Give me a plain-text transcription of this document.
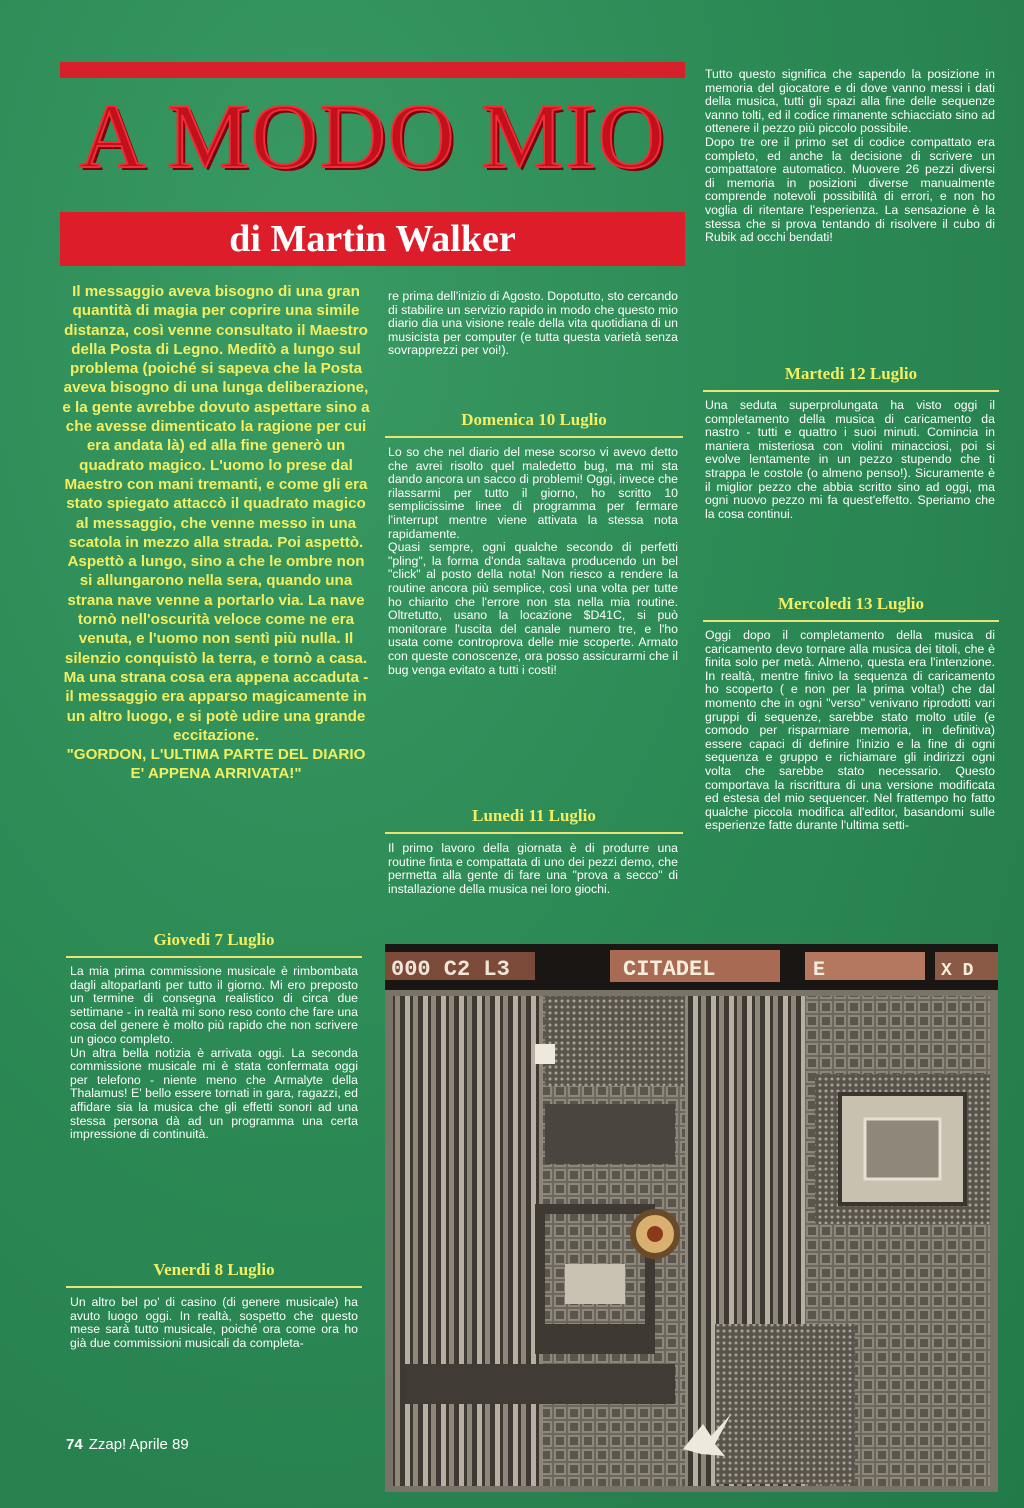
A MODO MIO
di Martin Walker
Il messaggio aveva bisogno di una gran quantità di magia per coprire una simile distanza, così venne consultato il Maestro della Posta di Legno. Meditò a lungo sul problema (poiché si sapeva che la Posta aveva bisogno di una lunga deliberazione, e la gente avrebbe dovuto aspettare sino a che avesse dimenticato la ragione per cui era andata là) ed alla fine generò un quadrato magico. L'uomo lo prese dal Maestro con mani tremanti, e come gli era stato spiegato attaccò il quadrato magico al messaggio, che venne messo in una scatola in mezzo alla strada. Poi aspettò. Aspettò a lungo, sino a che le ombre non si allungarono nella sera, quando una strana nave venne a portarlo via. La nave tornò nell'oscurità veloce come ne era venuta, e l'uomo non sentì più nulla. Il silenzio conquistò la terra, e tornò a casa. Ma una strana cosa era appena accaduta - il messaggio era apparso magicamente in un altro luogo, e si potè udire una grande eccitazione.
"GORDON, L'ULTIMA PARTE DEL DIARIO E' APPENA ARRIVATA!"
Giovedi 7 Luglio

La mia prima commissione musicale è rimbombata dagli altoparlanti per tutto il giorno. Mi ero preposto un termine di consegna realistico di circa due settimane - in realtà mi sono reso conto che fare una cosa del genere è molto più rapido che non scrivere un gioco completo.

Un altra bella notizia è arrivata oggi. La seconda commissione musicale mi è stata confermata oggi per telefono - niente meno che Armalyte della Thalamus! E' bello essere tornati in gara, ragazzi, ed affidare sia la musica che gli effetti sonori ad una stessa persona dà ad un programma una certa impressione di continuità.

Venerdi 8 Luglio

Un altro bel po' di casino (di genere musicale) ha avuto luogo oggi. In realtà, sospetto che questo mese sarà tutto musicale, poiché ora come ora ho già due commissioni musicali da completa-

re prima dell'inizio di Agosto. Dopotutto, sto cercando di stabilire un servizio rapido in modo che questo mio diario dia una visione reale della vita quotidiana di un musicista per computer (e tutta questa varietà senza sovrapprezzi per voi!).

Domenica 10 Luglio

Lo so che nel diario del mese scorso vi avevo detto che avrei risolto quel maledetto bug, ma mi sta dando ancora un sacco di problemi! Oggi, invece che rilassarmi per tutto il giorno, ho scritto 10 semplicissime linee di programma per fermare l'interrupt mentre viene attivata la stessa nota rapidamente.

Quasi sempre, ogni qualche secondo di perfetti "pling", la forma d'onda saltava producendo un bel "click" al posto della nota! Non riesco a rendere la routine ancora più semplice, così una volta per tutte ho chiarito che l'errore non sta nella mia routine. Oltretutto, usano la locazione $D41C, si può monitorare l'uscita del canale numero tre, e l'ho usata come controprova delle mie scoperte. Armato con queste conoscenze, ora posso assicurarmi che il bug venga evitato a tutti i costi!

Lunedi 11 Luglio

Il primo lavoro della giornata è di produrre una routine finta e compattata di uno dei pezzi demo, che permetta alla gente di fare una "prova a secco" di installazione della musica nei loro giochi.

Tutto questo significa che sapendo la posizione in memoria del giocatore e di dove vanno messi i dati della musica, tutti gli spazi alla fine delle sequenze vanno tolti, ed il codice rimanente schiacciato sino ad ottenere il pezzo più piccolo possibile.

Dopo tre ore il primo set di codice compattato era completo, ed anche la decisione di scrivere un compattatore automatico. Muovere 26 pezzi diversi di memoria in posizioni diverse manualmente comprende notevoli possibilità di errori, e non ho voglia di ritentare l'esperienza. La sensazione è la stessa che si prova tentando di risolvere il cubo di Rubik ad occhi bendati!

Martedi 12 Luglio

Una seduta superprolungata ha visto oggi il completamento della musica di caricamento da nastro - tutti e quattro i suoi minuti. Comincia in maniera misteriosa con violini minacciosi, poi si evolve lentamente in un pezzo stupendo che ti strappa le costole (o almeno penso!). Sicuramente è il miglior pezzo che abbia scritto sino ad oggi, ma ogni nuovo pezzo mi fa quest'effetto. Speriamo che la cosa continui.

Mercoledi 13 Luglio

Oggi dopo il completamento della musica di caricamento devo tornare alla musica dei titoli, che è finita solo per metà. Almeno, questa era l'intenzione. In realtà, mentre finivo la sequenza di caricamento ho scoperto ( e non per la prima volta!) che dal momento che in ogni "verso" venivano riprodotti vari gruppi di sequenze, sarebbe stato molto utile (e comodo per risparmiare memoria, in definitiva) essere capaci di definire l'inizio e la fine di ogni sequenza e gruppo e richiamare gli indirizzi ogni volta che sarebbe stato necessario. Questo comportava la riscrittura di una versione modificata ed estesa del mio sequencer. Nel frattempo ho fatto qualche piccola modifica all'editor, basandomi sulle esperienze fatte durante l'ultima setti-

000 C2 L3	CITADEL	E	X D
74 Zzap! Aprile 89
